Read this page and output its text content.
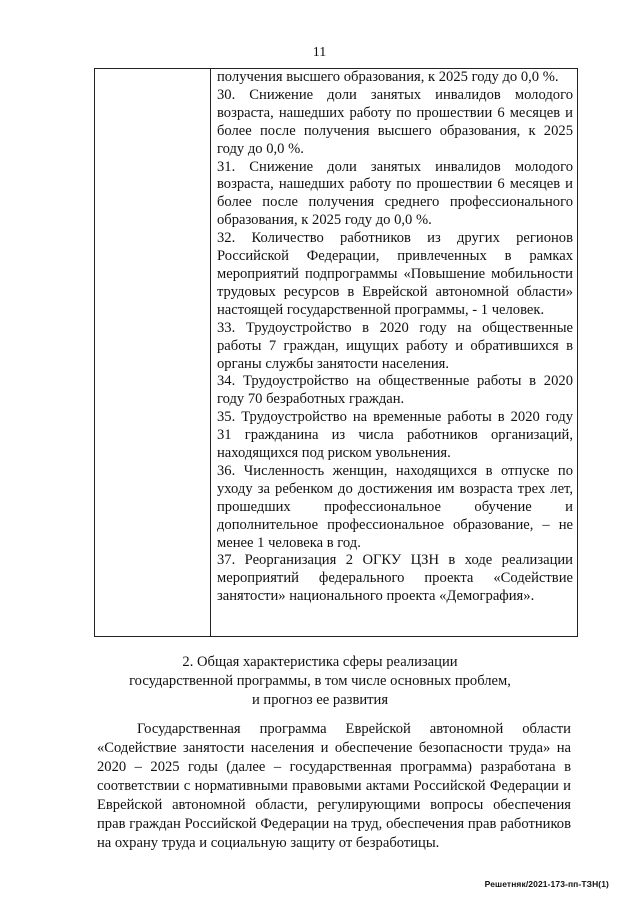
11

получения высшего образования, к 2025 году до 0,0 %.

30. Снижение доли занятых инвалидов молодого возраста, нашедших работу по прошествии 6 месяцев и более после получения высшего образования, к 2025 году до 0,0 %.

31. Снижение доли занятых инвалидов молодого возраста, нашедших работу по прошествии 6 месяцев и более после получения среднего профессионального образования, к 2025 году до 0,0 %.

32. Количество работников из других регионов Российской Федерации, привлеченных в рамках мероприятий подпрограммы «Повышение мобильности трудовых ресурсов в Еврейской автономной области» настоящей государственной программы, - 1 человек.

33. Трудоустройство в 2020 году на общественные работы 7 граждан, ищущих работу и обратившихся в органы службы занятости населения.

34. Трудоустройство на общественные работы в 2020 году 70 безработных граждан.

35. Трудоустройство на временные работы в 2020 году 31 гражданина из числа работников организаций, находящихся под риском увольнения.

36. Численность женщин, находящихся в отпуске по уходу за ребенком до достижения им возраста трех лет, прошедших профессиональное обучение и дополнительное профессиональное образование, – не менее 1 человека в год.

37. Реорганизация 2 ОГКУ ЦЗН в ходе реализации мероприятий федерального проекта «Содействие занятости» национального проекта «Демография».

2. Общая характеристика сферы реализации
государственной программы, в том числе основных проблем,
и прогноз ее развития

Государственная программа Еврейской автономной области «Содействие занятости населения и обеспечение безопасности труда» на 2020 – 2025 годы (далее – государственная программа) разработана в соответствии с нормативными правовыми актами Российской Федерации и Еврейской автономной области, регулирующими вопросы обеспечения прав граждан Российской Федерации на труд, обеспечения прав работников на охрану труда и социальную защиту от безработицы.

Решетняк/2021-173-пп-ТЗН(1)
